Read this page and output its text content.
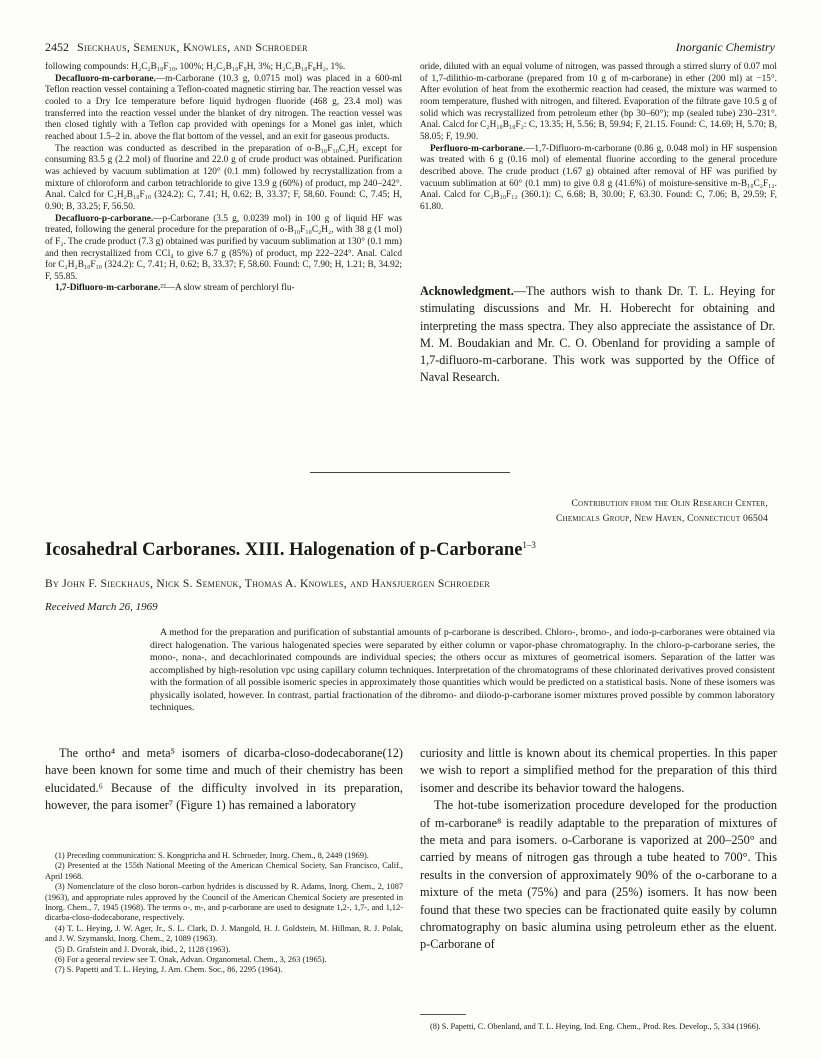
2452 Sieckhaus, Semenuk, Knowles, and Schroeder	Inorganic Chemistry

following compounds: H₂C₂B₁₀F₁₀, 100%; H₂C₂B₁₀F₉H, 3%; H₂C₂B₁₀F₈H₂, 1%.

Decafluoro-m-carborane.—m-Carborane (10.3 g, 0.0715 mol) was placed in a 600-ml Teflon reaction vessel containing a Teflon-coated magnetic stirring bar. The reaction vessel was cooled to a Dry Ice temperature before liquid hydrogen fluoride (468 g, 23.4 mol) was transferred into the reaction vessel under the blanket of dry nitrogen. The reaction vessel was then closed tightly with a Teflon cap provided with openings for a Monel gas inlet, which reached about 1.5–2 in. above the flat bottom of the vessel, and an exit for gaseous products.

The reaction was conducted as described in the preparation of o-B₁₀F₁₀C₂H₂ except for consuming 83.5 g (2.2 mol) of fluorine and 22.0 g of crude product was obtained. Purification was achieved by vacuum sublimation at 120° (0.1 mm) followed by recrystallization from a mixture of chloroform and carbon tetrachloride to give 13.9 g (60%) of product, mp 240–242°. Anal. Calcd for C₂H₂B₁₀F₁₀ (324.2): C, 7.41; H, 0.62; B, 33.37; F, 58.60. Found: C, 7.45; H, 0.90; B, 33.25; F, 56.50.

Decafluoro-p-carborane.—p-Carborane (3.5 g, 0.0239 mol) in 100 g of liquid HF was treated, following the general procedure for the preparation of o-B₁₀F₁₀C₂H₂, with 38 g (1 mol) of F₂. The crude product (7.3 g) obtained was purified by vacuum sublimation at 130° (0.1 mm) and then recrystallized from CCl₄ to give 6.7 g (85%) of product, mp 222–224°. Anal. Calcd for C₂H₂B₁₀F₁₀ (324.2): C, 7.41; H, 0.62; B, 33.37; F, 58.60. Found: C, 7.90; H, 1.21; B, 34.92; F, 55.85.

1,7-Difluoro-m-carborane.²²—A slow stream of perchloryl flu-

oride, diluted with an equal volume of nitrogen, was passed through a stirred slurry of 0.07 mol of 1,7-dilithio-m-carborane (prepared from 10 g of m-carborane) in ether (200 ml) at −15°. After evolution of heat from the exothermic reaction had ceased, the mixture was warmed to room temperature, flushed with nitrogen, and filtered. Evaporation of the filtrate gave 10.5 g of solid which was recrystallized from petroleum ether (bp 30–60°); mp (sealed tube) 230–231°. Anal. Calcd for C₂H₁₀B₁₀F₂: C, 13.35; H, 5.56; B, 59.94; F, 21.15. Found: C, 14.69; H, 5.70; B, 58.05; F, 19.90.

Perfluoro-m-carborane.—1,7-Difluoro-m-carborane (0.86 g, 0.048 mol) in HF suspension was treated with 6 g (0.16 mol) of elemental fluorine according to the general procedure described above. The crude product (1.67 g) obtained after removal of HF was purified by vacuum sublimation at 60° (0.1 mm) to give 0.8 g (41.6%) of moisture-sensitive m-B₁₀C₂F₁₂. Anal. Calcd for C₂B₁₀F₁₂ (360.1): C, 6.68; B, 30.00; F, 63.30. Found: C, 7.06; B, 29.59; F, 61.80.

Acknowledgment.—The authors wish to thank Dr. T. L. Heying for stimulating discussions and Mr. H. Hoberecht for obtaining and interpreting the mass spectra. They also appreciate the assistance of Dr. M. M. Boudakian and Mr. C. O. Obenland for providing a sample of 1,7-difluoro-m-carborane. This work was supported by the Office of Naval Research.
Contribution from the Olin Research Center,
Chemicals Group, New Haven, Connecticut 06504
Icosahedral Carboranes. XIII. Halogenation of p-Carborane$^{1-3}$
By John F. Sieckhaus, Nick S. Semenuk, Thomas A. Knowles, and Hansjuergen Schroeder
Received March 26, 1969

A method for the preparation and purification of substantial amounts of p-carborane is described. Chloro-, bromo-, and iodo-p-carboranes were obtained via direct halogenation. The various halogenated species were separated by either column or vapor-phase chromatography. In the chloro-p-carborane series, the mono-, nona-, and decachlorinated compounds are individual species; the others occur as mixtures of geometrical isomers. Separation of the latter was accomplished by high-resolution vpc using capillary column techniques. Interpretation of the chromatograms of these chlorinated derivatives proved consistent with the formation of all possible isomeric species in approximately those quantities which would be predicted on a statistical basis. None of these isomers was physically isolated, however. In contrast, partial fractionation of the dibromo- and diiodo-p-carborane isomer mixtures proved possible by common laboratory techniques.

The ortho⁴ and meta⁵ isomers of dicarba-closo-dodecaborane(12) have been known for some time and much of their chemistry has been elucidated.⁶ Because of the difficulty involved in its preparation, however, the para isomer⁷ (Figure 1) has remained a laboratory

(1) Preceding communication: S. Kongpricha and H. Schroeder, Inorg. Chem., 8, 2449 (1969).

(2) Presented at the 155th National Meeting of the American Chemical Society, San Francisco, Calif., April 1968.

(3) Nomenclature of the closo boron–carbon hydrides is discussed by R. Adams, Inorg. Chem., 2, 1087 (1963), and appropriate rules approved by the Council of the American Chemical Society are presented in Inorg. Chem., 7, 1945 (1968). The terms o-, m-, and p-carborane are used to designate 1,2-, 1,7-, and 1,12-dicarba-closo-dodecaborane, respectively.

(4) T. L. Heying, J. W. Ager, Jr., S. L. Clark, D. J. Mangold, H. J. Goldstein, M. Hillman, R. J. Polak, and J. W. Szymanski, Inorg. Chem., 2, 1089 (1963).

(5) D. Grafstein and J. Dvorak, ibid., 2, 1128 (1963).

(6) For a general review see T. Onak, Advan. Organometal. Chem., 3, 263 (1965).

(7) S. Papetti and T. L. Heying, J. Am. Chem. Soc., 86, 2295 (1964).

curiosity and little is known about its chemical properties. In this paper we wish to report a simplified method for the preparation of this third isomer and describe its behavior toward the halogens.

The hot-tube isomerization procedure developed for the production of m-carborane⁸ is readily adaptable to the preparation of mixtures of the meta and para isomers. o-Carborane is vaporized at 200–250° and carried by means of nitrogen gas through a tube heated to 700°. This results in the conversion of approximately 90% of the o-carborane to a mixture of the meta (75%) and para (25%) isomers. It has now been found that these two species can be fractionated quite easily by column chromatography on basic alumina using petroleum ether as the eluent. p-Carborane of

(8) S. Papetti, C. Obenland, and T. L. Heying, Ind. Eng. Chem., Prod. Res. Develop., 5, 334 (1966).
